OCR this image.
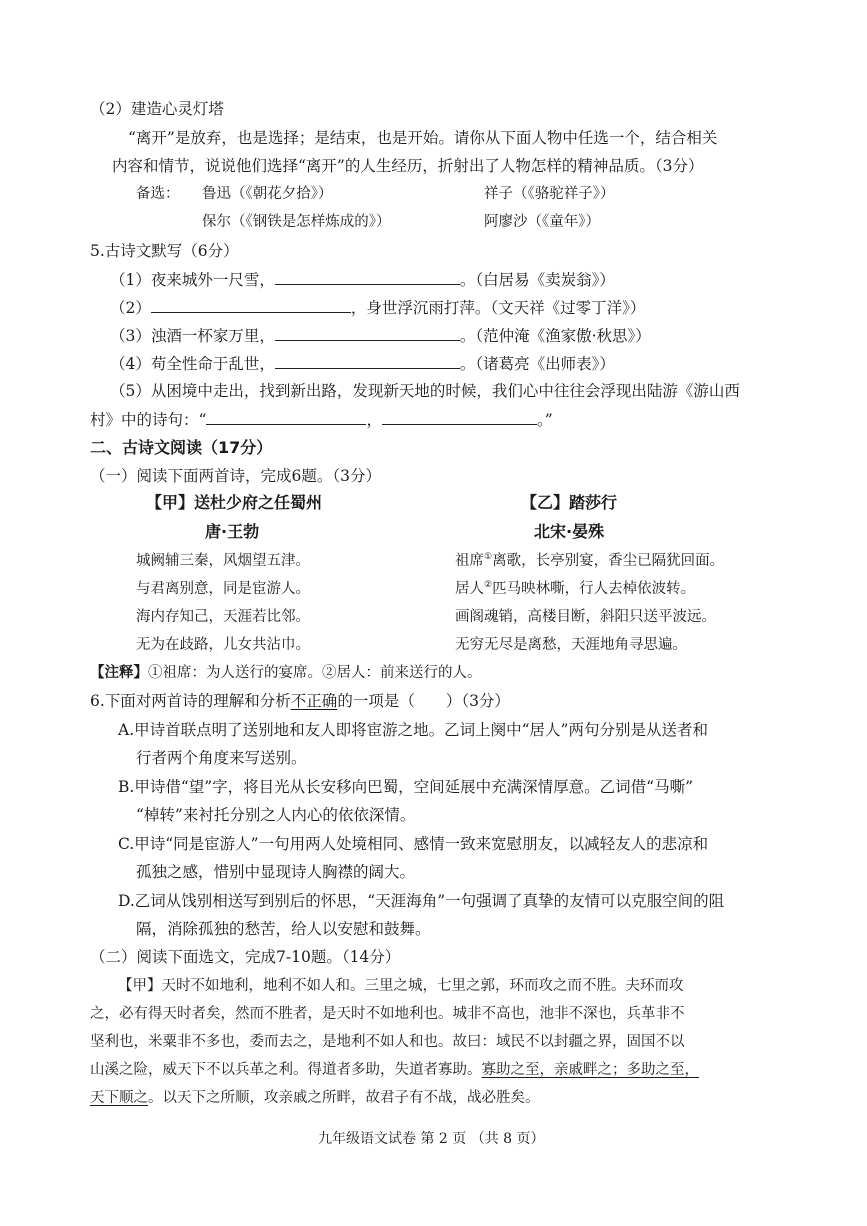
（2）建造心灵灯塔
“离开”是放弃，也是选择；是结束，也是开始。请你从下面人物中任选一个，结合相关
内容和情节，说说他们选择“离开”的人生经历，折射出了人物怎样的精神品质。（3分）
备选： 鲁迅（《朝花夕拾》）	祥子（《骆驼祥子》）
保尔（《钢铁是怎样炼成的》）	阿廖沙（《童年》）
5.古诗文默写（6分）
（1）夜来城外一尺雪，	。（白居易《卖炭翁》）
（2）	，身世浮沉雨打萍。（文天祥《过零丁洋》）
（3）浊酒一杯家万里，	。（范仲淹《渔家傲·秋思》）
（4）苟全性命于乱世，	。（诸葛亮《出师表》）
（5）从困境中走出，找到新出路，发现新天地的时候，我们心中往往会浮现出陆游《游山西
村》中的诗句：“	，	。”
二、古诗文阅读（17分）
（一）阅读下面两首诗，完成6题。（3分）
【甲】送杜少府之任蜀州
唐·王勃
城阙辅三秦，风烟望五津。
与君离别意，同是宦游人。
海内存知己，天涯若比邻。
无为在歧路，儿女共沾巾。
【乙】踏莎行
北宋·晏殊
祖席①离歌，长亭别宴，香尘已隔犹回面。
居人②匹马映林嘶，行人去棹依波转。
画阁魂销，高楼目断，斜阳只送平波远。
无穷无尽是离愁，天涯地角寻思遍。
【注释】①祖席：为人送行的宴席。②居人：前来送行的人。
6.下面对两首诗的理解和分析不正确的一项是（　　）（3分）
A.甲诗首联点明了送别地和友人即将宦游之地。乙词上阕中“居人”两句分别是从送者和
行者两个角度来写送别。
B.甲诗借“望”字，将目光从长安移向巴蜀，空间延展中充满深情厚意。乙词借“马嘶”
“棹转”来衬托分别之人内心的依依深情。
C.甲诗“同是宦游人”一句用两人处境相同、感情一致来宽慰朋友，以减轻友人的悲凉和
孤独之感，惜别中显现诗人胸襟的阔大。
D.乙词从饯别相送写到别后的怀思，“天涯海角”一句强调了真挚的友情可以克服空间的阻
隔，消除孤独的愁苦，给人以安慰和鼓舞。
（二）阅读下面选文，完成7-10题。（14分）
【甲】天时不如地利，地利不如人和。三里之城，七里之郭，环而攻之而不胜。夫环而攻
之，必有得天时者矣，然而不胜者，是天时不如地利也。城非不高也，池非不深也，兵革非不
坚利也，米粟非不多也，委而去之，是地利不如人和也。故曰：域民不以封疆之界，固国不以
山溪之险，威天下不以兵革之利。得道者多助，失道者寡助。寡助之至，亲戚畔之；多助之至，
天下顺之。以天下之所顺，攻亲戚之所畔，故君子有不战，战必胜矣。
九年级语文试卷 第 2 页 （共 8 页）
